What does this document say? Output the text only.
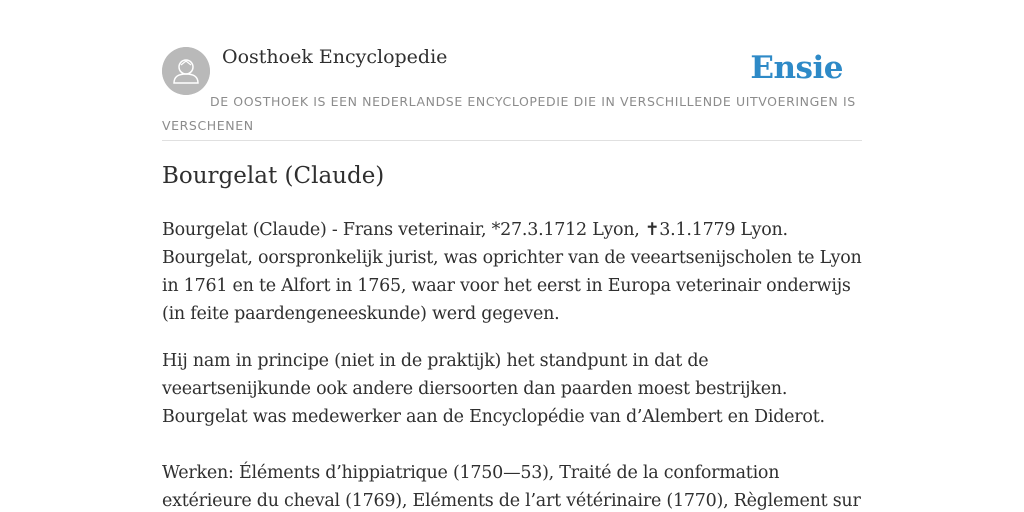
Oosthoek Encyclopedie	Ensie
DE OOSTHOEK IS EEN NEDERLANDSE ENCYCLOPEDIE DIE IN VERSCHILLENDE UITVOERINGEN IS VERSCHENEN
Bourgelat (Claude)

Bourgelat (Claude) - Frans veterinair, *27.3.1712 Lyon, ✝3.1.1779 Lyon. Bourgelat, oorspronkelijk jurist, was oprichter van de veeartsenijscholen te Lyon in 1761 en te Alfort in 1765, waar voor het eerst in Europa veterinair onderwijs (in feite paardengeneeskunde) werd gegeven.

Hij nam in principe (niet in de praktijk) het standpunt in dat de veeartsenijkunde ook andere diersoorten dan paarden moest bestrijken. Bourgelat was medewerker aan de Encyclopédie van d’Alembert en Diderot.

Werken: Éléments d’hippiatrique (1750—53), Traité de la conformation extérieure du cheval (1769), Eléments de l’art vétérinaire (1770), Règlement sur
